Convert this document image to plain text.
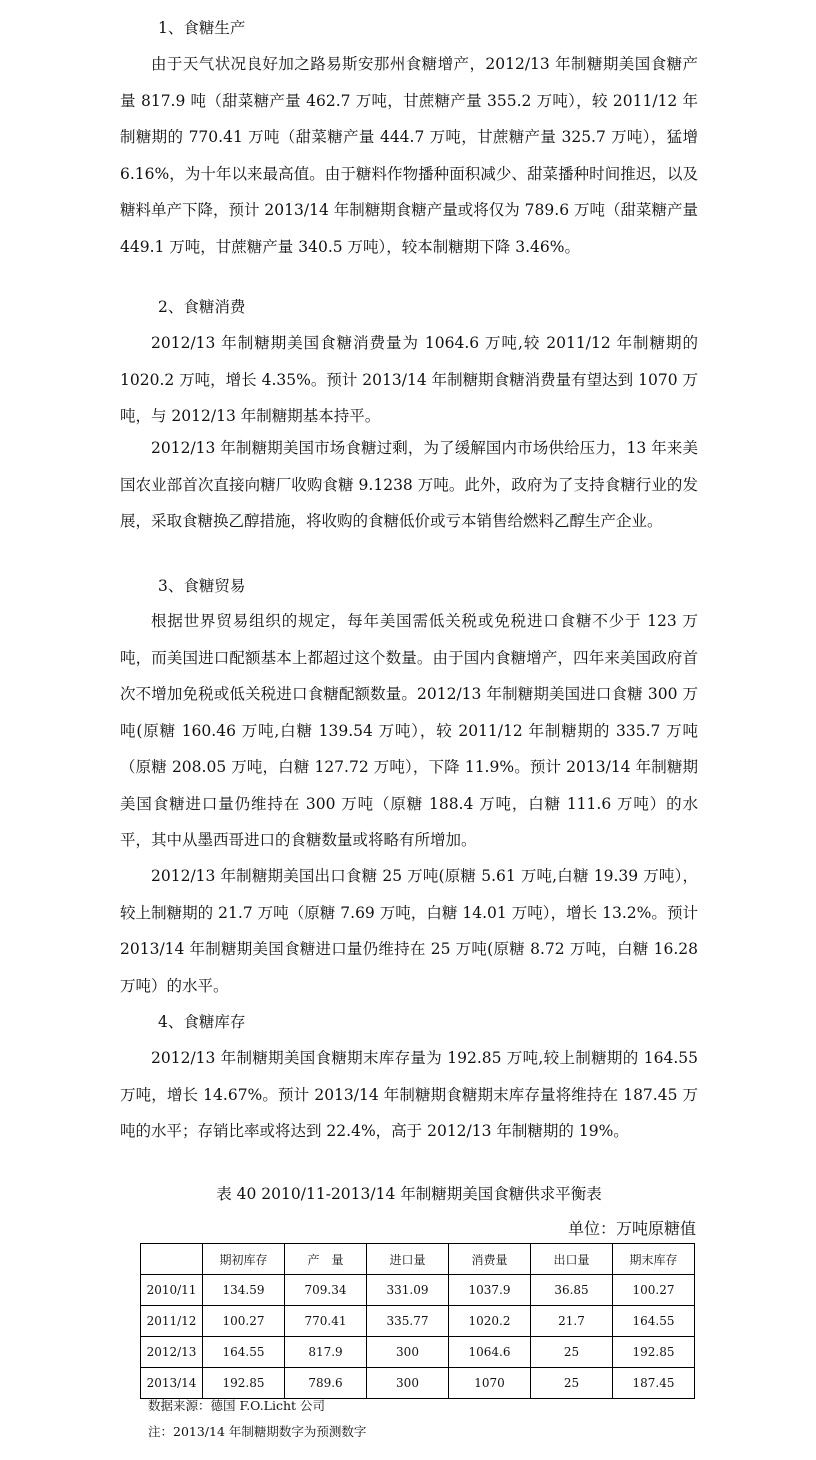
1、食糖生产

由于天气状况良好加之路易斯安那州食糖增产，2012/13 年制糖期美国食糖产量 817.9 吨（甜菜糖产量 462.7 万吨，甘蔗糖产量 355.2 万吨），较 2011/12 年制糖期的 770.41 万吨（甜菜糖产量 444.7 万吨，甘蔗糖产量 325.7 万吨），猛增 6.16%，为十年以来最高值。由于糖料作物播种面积减少、甜菜播种时间推迟，以及糖料单产下降，预计 2013/14 年制糖期食糖产量或将仅为 789.6 万吨（甜菜糖产量 449.1 万吨，甘蔗糖产量 340.5 万吨），较本制糖期下降 3.46%。

2、食糖消费

2012/13 年制糖期美国食糖消费量为 1064.6 万吨,较 2011/12 年制糖期的 1020.2 万吨，增长 4.35%。预计 2013/14 年制糖期食糖消费量有望达到 1070 万吨，与 2012/13 年制糖期基本持平。

2012/13 年制糖期美国市场食糖过剩，为了缓解国内市场供给压力，13 年来美国农业部首次直接向糖厂收购食糖 9.1238 万吨。此外，政府为了支持食糖行业的发展，采取食糖换乙醇措施，将收购的食糖低价或亏本销售给燃料乙醇生产企业。

3、食糖贸易

根据世界贸易组织的规定，每年美国需低关税或免税进口食糖不少于 123 万吨，而美国进口配额基本上都超过这个数量。由于国内食糖增产，四年来美国政府首次不增加免税或低关税进口食糖配额数量。2012/13 年制糖期美国进口食糖 300 万吨(原糖 160.46 万吨,白糖 139.54 万吨），较 2011/12 年制糖期的 335.7 万吨（原糖 208.05 万吨，白糖 127.72 万吨），下降 11.9%。预计 2013/14 年制糖期美国食糖进口量仍维持在 300 万吨（原糖 188.4 万吨，白糖 111.6 万吨）的水平，其中从墨西哥进口的食糖数量或将略有所增加。

2012/13 年制糖期美国出口食糖 25 万吨(原糖 5.61 万吨,白糖 19.39 万吨），较上制糖期的 21.7 万吨（原糖 7.69 万吨，白糖 14.01 万吨），增长 13.2%。预计 2013/14 年制糖期美国食糖进口量仍维持在 25 万吨(原糖 8.72 万吨，白糖 16.28 万吨）的水平。

4、食糖库存

2012/13 年制糖期美国食糖期末库存量为 192.85 万吨,较上制糖期的 164.55 万吨，增长 14.67%。预计 2013/14 年制糖期食糖期末库存量将维持在 187.45 万吨的水平；存销比率或将达到 22.4%，高于 2012/13 年制糖期的 19%。

表 40 2010/11-2013/14 年制糖期美国食糖供求平衡表
单位：万吨原糖值
	期初库存	产　量	进口量	消费量	出口量	期末库存
2010/11	134.59	709.34	331.09	1037.9	36.85	100.27
2011/12	100.27	770.41	335.77	1020.2	21.7	164.55
2012/13	164.55	817.9	300	1064.6	25	192.85
2013/14	192.85	789.6	300	1070	25	187.45
数据来源：德国 F.O.Licht 公司
注：2013/14 年制糖期数字为预测数字
